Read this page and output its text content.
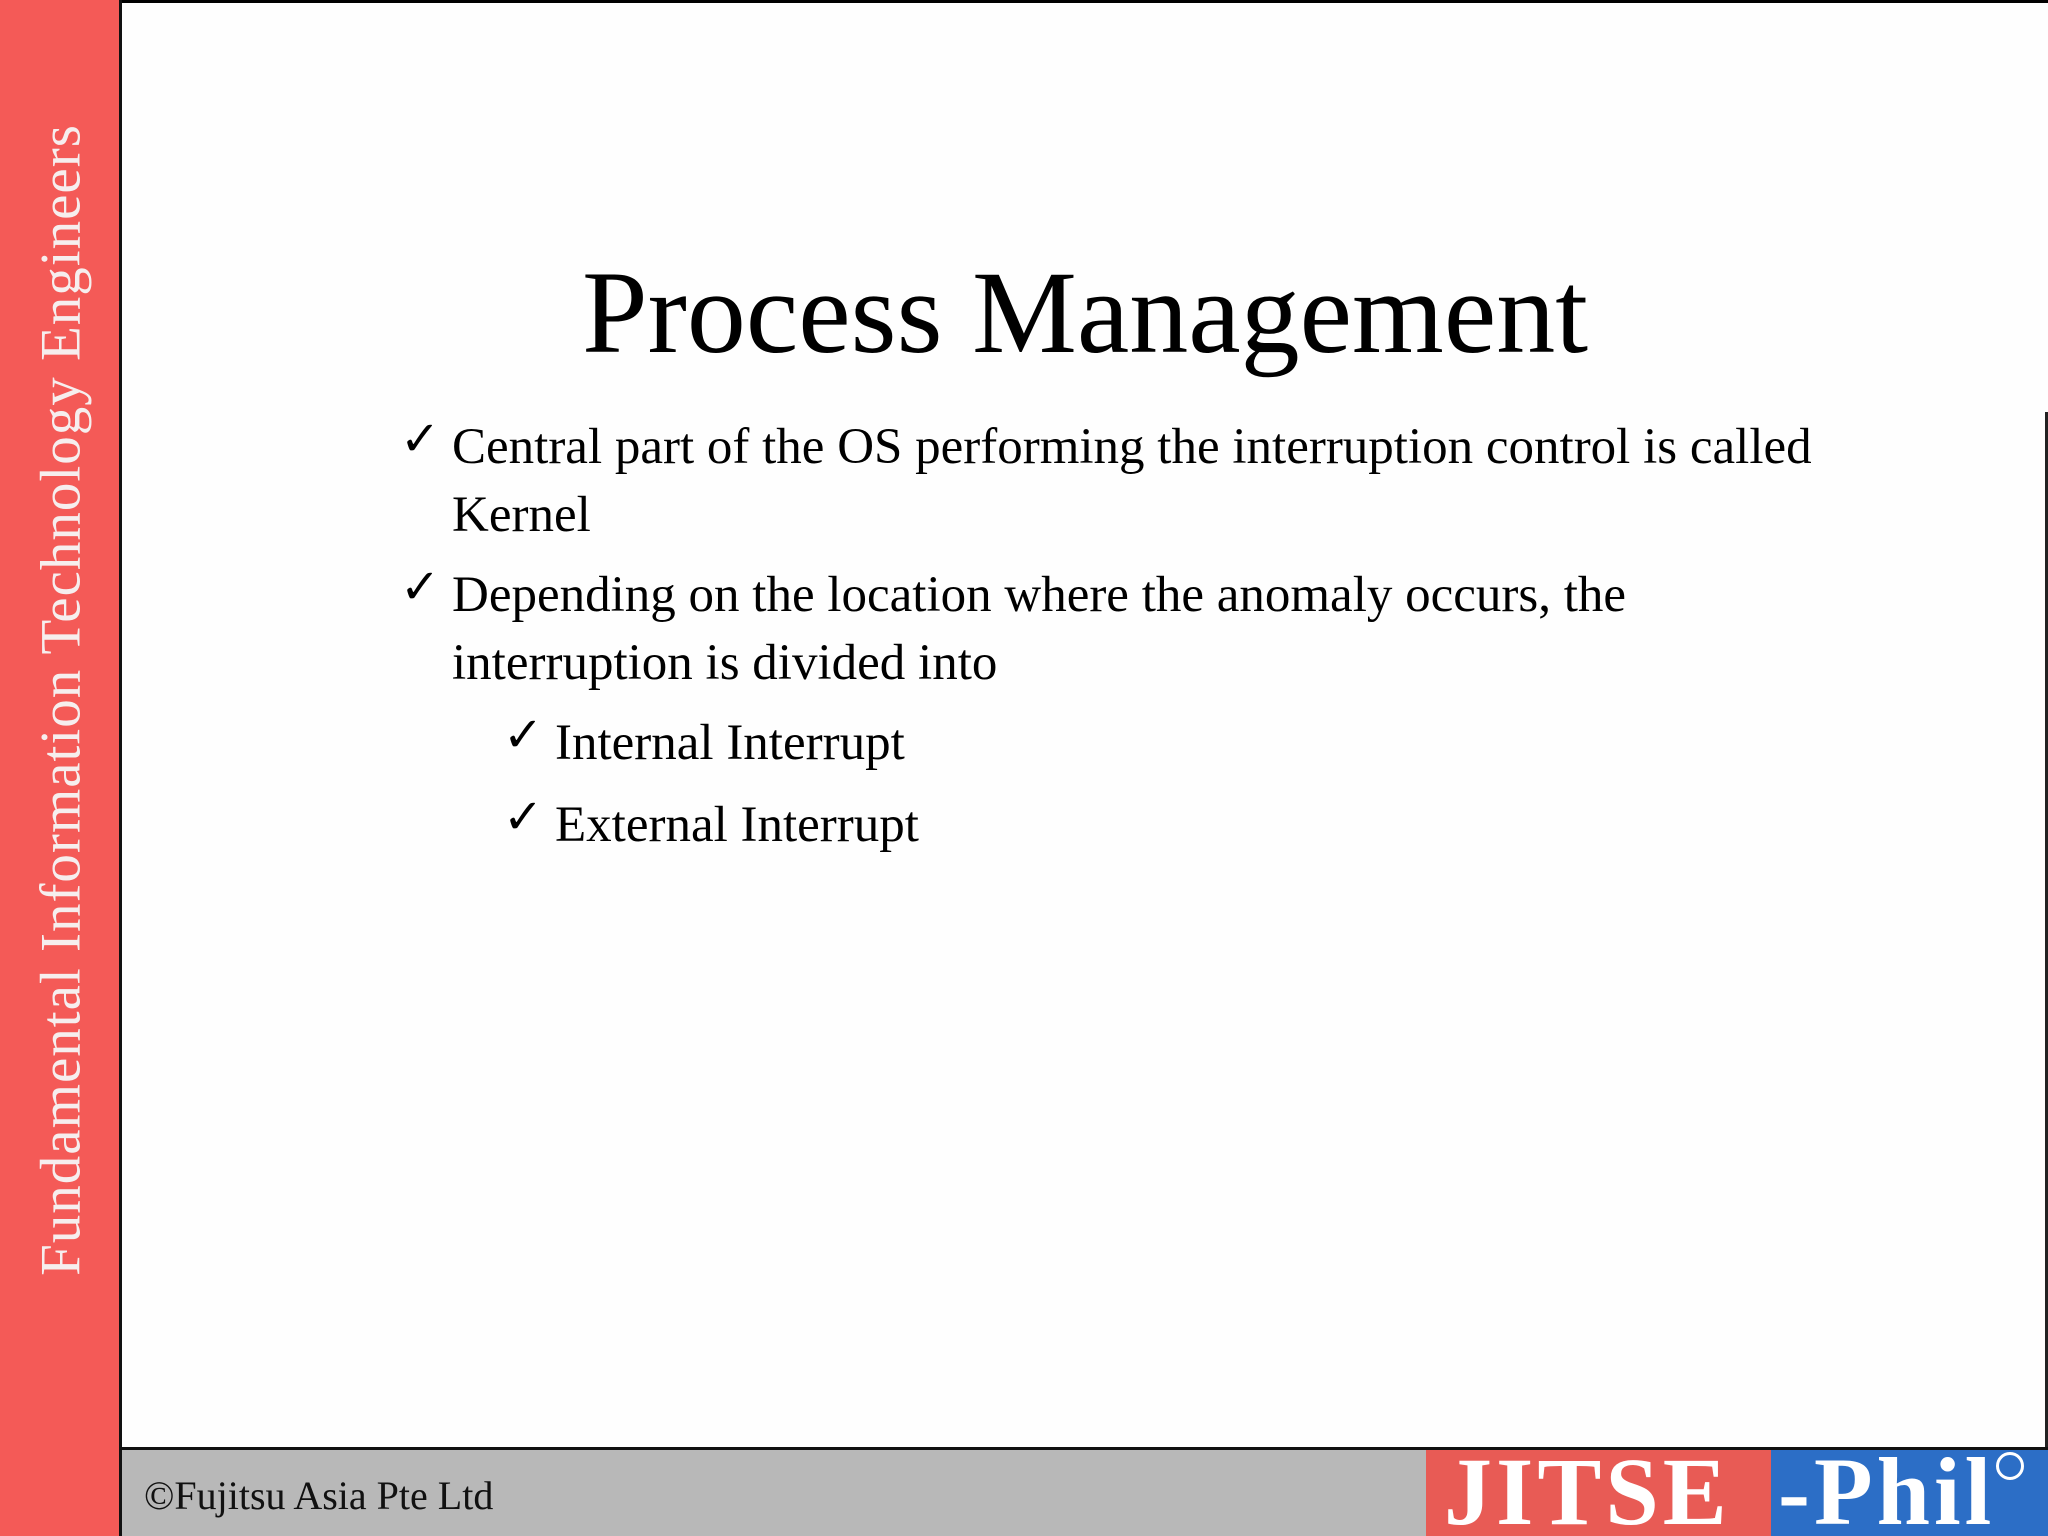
Fundamental Information Technology Engineers	Process Management
✓ Central part of the OS performing the interruption control is called Kernel
✓ Depending on the location where the anomaly occurs, the interruption is divided into
✓ Internal Interrupt
✓ External Interrupt
©Fujitsu Asia Pte Ltd	JITSE -Phil
